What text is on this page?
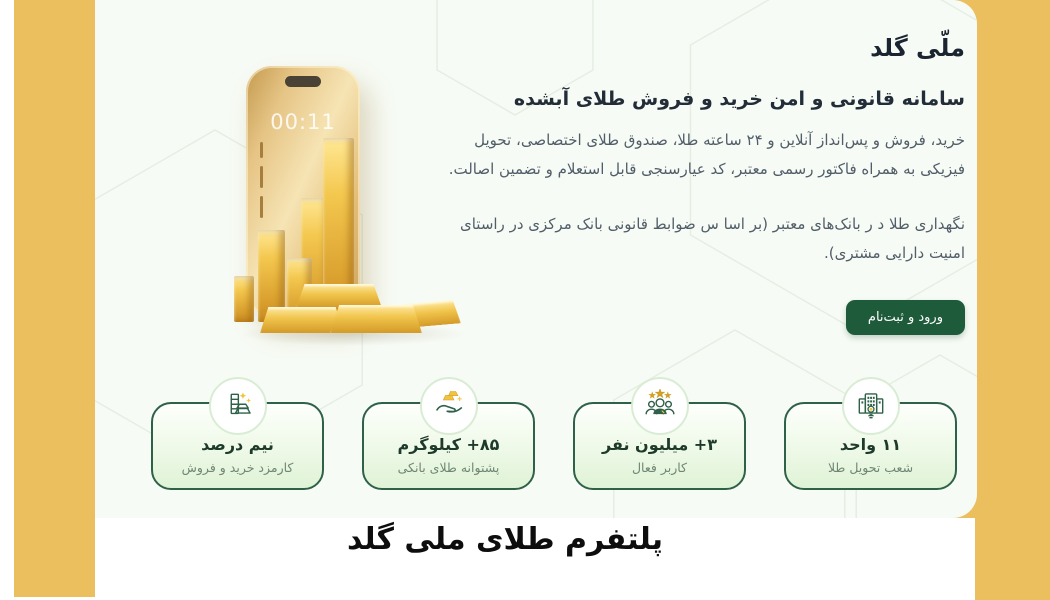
ملّی گلد
سامانه قانونی و امن خرید و فروش طلای آبشده

خرید، فروش و پس‌انداز آنلاین و ۲۴ ساعته طلا، صندوق طلای اختصاصی، تحویل فیزیکی به همراه فاکتور رسمی معتبر، کد عیارسنجی قابل استعلام و تضمین اصالت.

نگهداری طلا د ر بانک‌های معتبر (بر اسا س ضوابط قانونی بانک مرکزی در راستای امنیت دارایی مشتری).

ورود و ثبت‌نام
00:11
۱۱ واحد
شعب تحویل طلا
۳+ میلیون نفر
کاربر فعال
۸۵+ کیلوگرم
پشتوانه طلای بانکی
نیم درصد
کارمزد خرید و فروش
پلتفرم طلای ملی گلد
